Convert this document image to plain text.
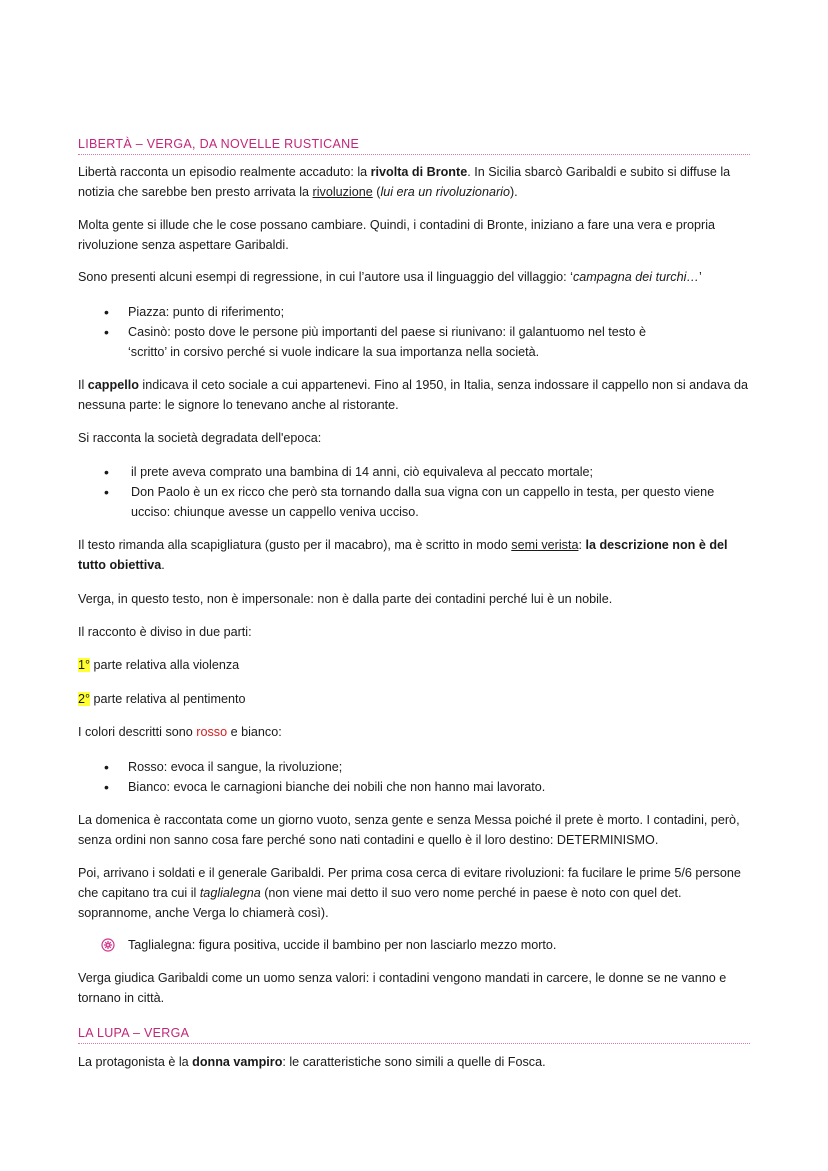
LIBERTÀ – VERGA, DA NOVELLE RUSTICANE
Libertà racconta un episodio realmente accaduto: la rivolta di Bronte. In Sicilia sbarcò Garibaldi e subito si diffuse la notizia che sarebbe ben presto arrivata la rivoluzione (lui era un rivoluzionario).
Molta gente si illude che le cose possano cambiare. Quindi, i contadini di Bronte, iniziano a fare una vera e propria rivoluzione senza aspettare Garibaldi.
Sono presenti alcuni esempi di regressione, in cui l’autore usa il linguaggio del villaggio: ‘campagna dei turchi…’
• Piazza: punto di riferimento;
• Casinò: posto dove le persone più importanti del paese si riunivano: il galantuomo nel testo è ‘scritto’ in corsivo perché si vuole indicare la sua importanza nella società.
Il cappello indicava il ceto sociale a cui appartenevi. Fino al 1950, in Italia, senza indossare il cappello non si andava da nessuna parte: le signore lo tenevano anche al ristorante.
Si racconta la società degradata dell'epoca:
• il prete aveva comprato una bambina di 14 anni, ciò equivaleva al peccato mortale;
• Don Paolo è un ex ricco che però sta tornando dalla sua vigna con un cappello in testa, per questo viene ucciso: chiunque avesse un cappello veniva ucciso.
Il testo rimanda alla scapigliatura (gusto per il macabro), ma è scritto in modo semi verista: la descrizione non è del tutto obiettiva.
Verga, in questo testo, non è impersonale: non è dalla parte dei contadini perché lui è un nobile.
Il racconto è diviso in due parti:
1° parte relativa alla violenza
2° parte relativa al pentimento
I colori descritti sono rosso e bianco:
• Rosso: evoca il sangue, la rivoluzione;
• Bianco: evoca le carnagioni bianche dei nobili che non hanno mai lavorato.
La domenica è raccontata come un giorno vuoto, senza gente e senza Messa poiché il prete è morto. I contadini, però, senza ordini non sanno cosa fare perché sono nati contadini e quello è il loro destino: DETERMINISMO.
Poi, arrivano i soldati e il generale Garibaldi. Per prima cosa cerca di evitare rivoluzioni: fa fucilare le prime 5/6 persone che capitano tra cui il taglialegna (non viene mai detto il suo vero nome perché in paese è noto con quel det. soprannome, anche Verga lo chiamerà così).
Taglialegna: figura positiva, uccide il bambino per non lasciarlo mezzo morto.
Verga giudica Garibaldi come un uomo senza valori: i contadini vengono mandati in carcere, le donne se ne vanno e tornano in città.
LA LUPA – VERGA
La protagonista è la donna vampiro: le caratteristiche sono simili a quelle di Fosca.
